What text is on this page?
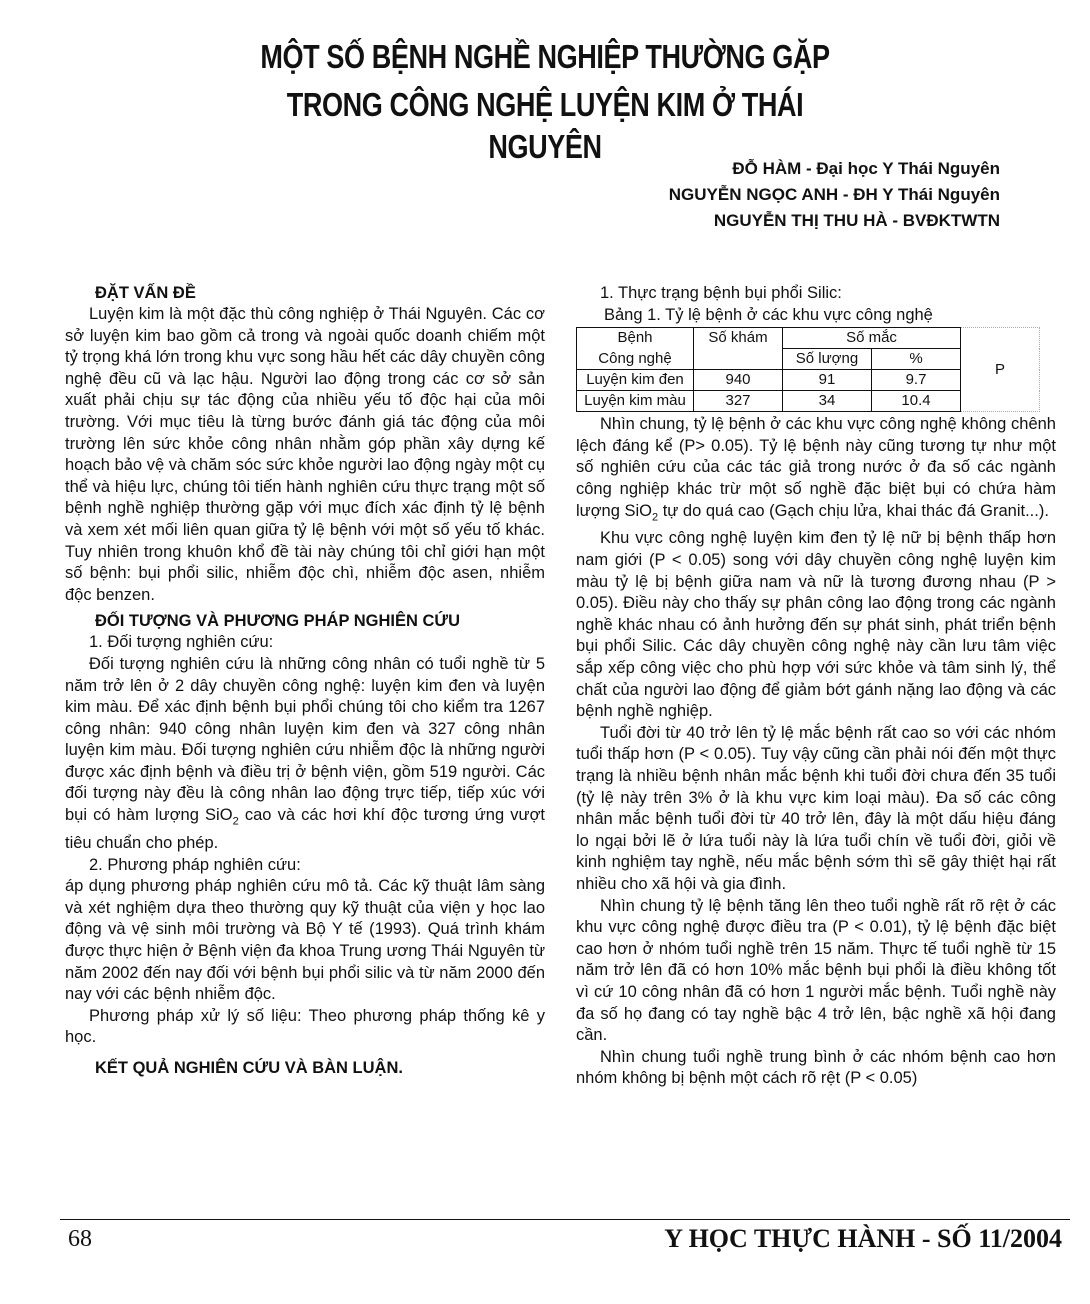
MỘT SỐ BỆNH NGHỀ NGHIỆP THƯỜNG GẶP
TRONG CÔNG NGHỆ LUYỆN KIM Ở THÁI NGUYÊN
ĐỖ HÀM - Đại học Y Thái Nguyên
NGUYỄN NGỌC ANH - ĐH Y Thái Nguyên
NGUYỄN THỊ THU HÀ - BVĐKTWTN
ĐẶT VẤN ĐỀ

Luyện kim là một đặc thù công nghiệp ở Thái Nguyên. Các cơ sở luyện kim bao gồm cả trong và ngoài quốc doanh chiếm một tỷ trọng khá lớn trong khu vực song hầu hết các dây chuyền công nghệ đều cũ và lạc hậu. Người lao động trong các cơ sở sản xuất phải chịu sự tác động của nhiều yếu tố độc hại của môi trường. Với mục tiêu là từng bước đánh giá tác động của môi trường lên sức khỏe công nhân nhằm góp phần xây dựng kế hoạch bảo vệ và chăm sóc sức khỏe người lao động ngày một cụ thể và hiệu lực, chúng tôi tiến hành nghiên cứu thực trạng một số bệnh nghề nghiệp thường gặp với mục đích xác định tỷ lệ bệnh và xem xét mối liên quan giữa tỷ lệ bệnh với một số yếu tố khác. Tuy nhiên trong khuôn khổ đề tài này chúng tôi chỉ giới hạn một số bệnh: bụi phổi silic, nhiễm độc chì, nhiễm độc asen, nhiễm độc benzen.

ĐỐI TƯỢNG VÀ PHƯƠNG PHÁP NGHIÊN CỨU

1. Đối tượng nghiên cứu:

Đối tượng nghiên cứu là những công nhân có tuổi nghề từ 5 năm trở lên ở 2 dây chuyền công nghệ: luyện kim đen và luyện kim màu. Để xác định bệnh bụi phổi chúng tôi cho kiểm tra 1267 công nhân: 940 công nhân luyện kim đen và 327 công nhân luyện kim màu. Đối tượng nghiên cứu nhiễm độc là những người được xác định bệnh và điều trị ở bệnh viện, gồm 519 người. Các đối tượng này đều là công nhân lao động trực tiếp, tiếp xúc với bụi có hàm lượng SiO$_2$ cao và các hơi khí độc tương ứng vượt tiêu chuẩn cho phép.

2. Phương pháp nghiên cứu:

áp dụng phương pháp nghiên cứu mô tả. Các kỹ thuật lâm sàng và xét nghiệm dựa theo thường quy kỹ thuật của viện y học lao động và vệ sinh môi trường và Bộ Y tế (1993). Quá trình khám được thực hiện ở Bệnh viện đa khoa Trung ương Thái Nguyên từ năm 2002 đến nay đối với bệnh bụi phổi silic và từ năm 2000 đến nay với các bệnh nhiễm độc.

Phương pháp xử lý số liệu: Theo phương pháp thống kê y học.

KẾT QUẢ NGHIÊN CỨU VÀ BÀN LUẬN.

1. Thực trạng bệnh bụi phổi Silic:

Bảng 1. Tỷ lệ bệnh ở các khu vực công nghệ

Bệnh	Số khám	Số mắc		P
Công nghệ		Số lượng	%	
Luyện kim đen	940	91	9.7	
Luyện kim màu	327	34	10.4	

Nhìn chung, tỷ lệ bệnh ở các khu vực công nghệ không chênh lệch đáng kể (P> 0.05). Tỷ lệ bệnh này cũng tương tự như một số nghiên cứu của các tác giả trong nước ở đa số các ngành công nghiệp khác trừ một số nghề đặc biệt bụi có chứa hàm lượng SiO$_2$ tự do quá cao (Gạch chịu lửa, khai thác đá Granit...).

Khu vực công nghệ luyện kim đen tỷ lệ nữ bị bệnh thấp hơn nam giới (P < 0.05) song với dây chuyền công nghệ luyện kim màu tỷ lệ bị bệnh giữa nam và nữ là tương đương nhau (P > 0.05). Điều này cho thấy sự phân công lao động trong các ngành nghề khác nhau có ảnh hưởng đến sự phát sinh, phát triển bệnh bụi phổi Silic. Các dây chuyền công nghệ này cần lưu tâm việc sắp xếp công việc cho phù hợp với sức khỏe và tâm sinh lý, thể chất của người lao động để giảm bớt gánh nặng lao động và các bệnh nghề nghiệp.

Tuổi đời từ 40 trở lên tỷ lệ mắc bệnh rất cao so với các nhóm tuổi thấp hơn (P < 0.05). Tuy vậy cũng cần phải nói đến một thực trạng là nhiều bệnh nhân mắc bệnh khi tuổi đời chưa đến 35 tuổi (tỷ lệ này trên 3% ở là khu vực kim loại màu). Đa số các công nhân mắc bệnh tuổi đời từ 40 trở lên, đây là một dấu hiệu đáng lo ngại bởi lẽ ở lứa tuổi này là lứa tuổi chín về tuổi đời, giỏi về kinh nghiệm tay nghề, nếu mắc bệnh sớm thì sẽ gây thiệt hại rất nhiều cho xã hội và gia đình.

Nhìn chung tỷ lệ bệnh tăng lên theo tuổi nghề rất rõ rệt ở các khu vực công nghệ được điều tra (P < 0.01), tỷ lệ bệnh đặc biệt cao hơn ở nhóm tuổi nghề trên 15 năm. Thực tế tuổi nghề từ 15 năm trở lên đã có hơn 10% mắc bệnh bụi phổi là điều không tốt vì cứ 10 công nhân đã có hơn 1 người mắc bệnh. Tuổi nghề này đa số họ đang có tay nghề bậc 4 trở lên, bậc nghề xã hội đang cần.

Nhìn chung tuổi nghề trung bình ở các nhóm bệnh cao hơn nhóm không bị bệnh một cách rõ rệt (P < 0.05)

68	Y HỌC THỰC HÀNH - SỐ 11/2004
